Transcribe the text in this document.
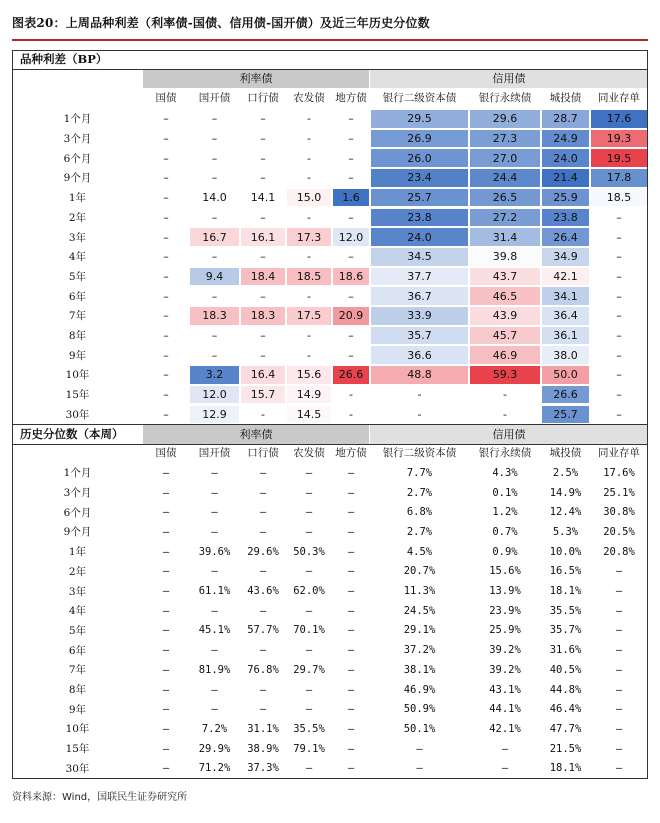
图表20：上周品种利差（利率债-国债、信用债-国开债）及近三年历史分位数
品种利差（BP）
利率债	信用债
国债	国开债	口行债	农发债	地方债	银行二级资本债	银行永续债	城投债	同业存单
1个月	–	–	–	-	–	29.5	29.6	28.7	17.6
3个月	–	–	–	-	–	26.9	27.3	24.9	19.3
6个月	–	–	–	-	–	26.0	27.0	24.0	19.5
9个月	–	–	–	-	–	23.4	24.4	21.4	17.8
1年	–	14.0	14.1	15.0	1.6	25.7	26.5	25.9	18.5
2年	–	–	–	-	–	23.8	27.2	23.8	–
3年	–	16.7	16.1	17.3	12.0	24.0	31.4	26.4	–
4年	–	–	–	-	–	34.5	39.8	34.9	–
5年	–	9.4	18.4	18.5	18.6	37.7	43.7	42.1	–
6年	–	–	–	-	–	36.7	46.5	34.1	–
7年	–	18.3	18.3	17.5	20.9	33.9	43.9	36.4	–
8年	–	–	–	-	–	35.7	45.7	36.1	–
9年	–	–	–	-	–	36.6	46.9	38.0	–
10年	–	3.2	16.4	15.6	26.6	48.8	59.3	50.0	–
15年	–	12.0	15.7	14.9	-	-	-	26.6	–
30年	–	12.9	-	14.5	-	-	-	25.7	–
历史分位数（本周）	利率债	信用债
国债	国开债	口行债	农发债	地方债	银行二级资本债	银行永续债	城投债	同业存单
1个月	–	–	–	–	–	7.7%	4.3%	2.5%	17.6%
3个月	–	–	–	–	–	2.7%	0.1%	14.9%	25.1%
6个月	–	–	–	–	–	6.8%	1.2%	12.4%	30.8%
9个月	–	–	–	–	–	2.7%	0.7%	5.3%	20.5%
1年	–	39.6%	29.6%	50.3%	–	4.5%	0.9%	10.0%	20.8%
2年	–	–	–	–	–	20.7%	15.6%	16.5%	–
3年	–	61.1%	43.6%	62.0%	–	11.3%	13.9%	18.1%	–
4年	–	–	–	–	–	24.5%	23.9%	35.5%	–
5年	–	45.1%	57.7%	70.1%	–	29.1%	25.9%	35.7%	–
6年	–	–	–	–	–	37.2%	39.2%	31.6%	–
7年	–	81.9%	76.8%	29.7%	–	38.1%	39.2%	40.5%	–
8年	–	–	–	–	–	46.9%	43.1%	44.8%	–
9年	–	–	–	–	–	50.9%	44.1%	46.4%	–
10年	–	7.2%	31.1%	35.5%	–	50.1%	42.1%	47.7%	–
15年	–	29.9%	38.9%	79.1%	–	–	–	21.5%	–
30年	–	71.2%	37.3%	–	–	–	–	18.1%	–
资料来源：Wind，国联民生证券研究所
